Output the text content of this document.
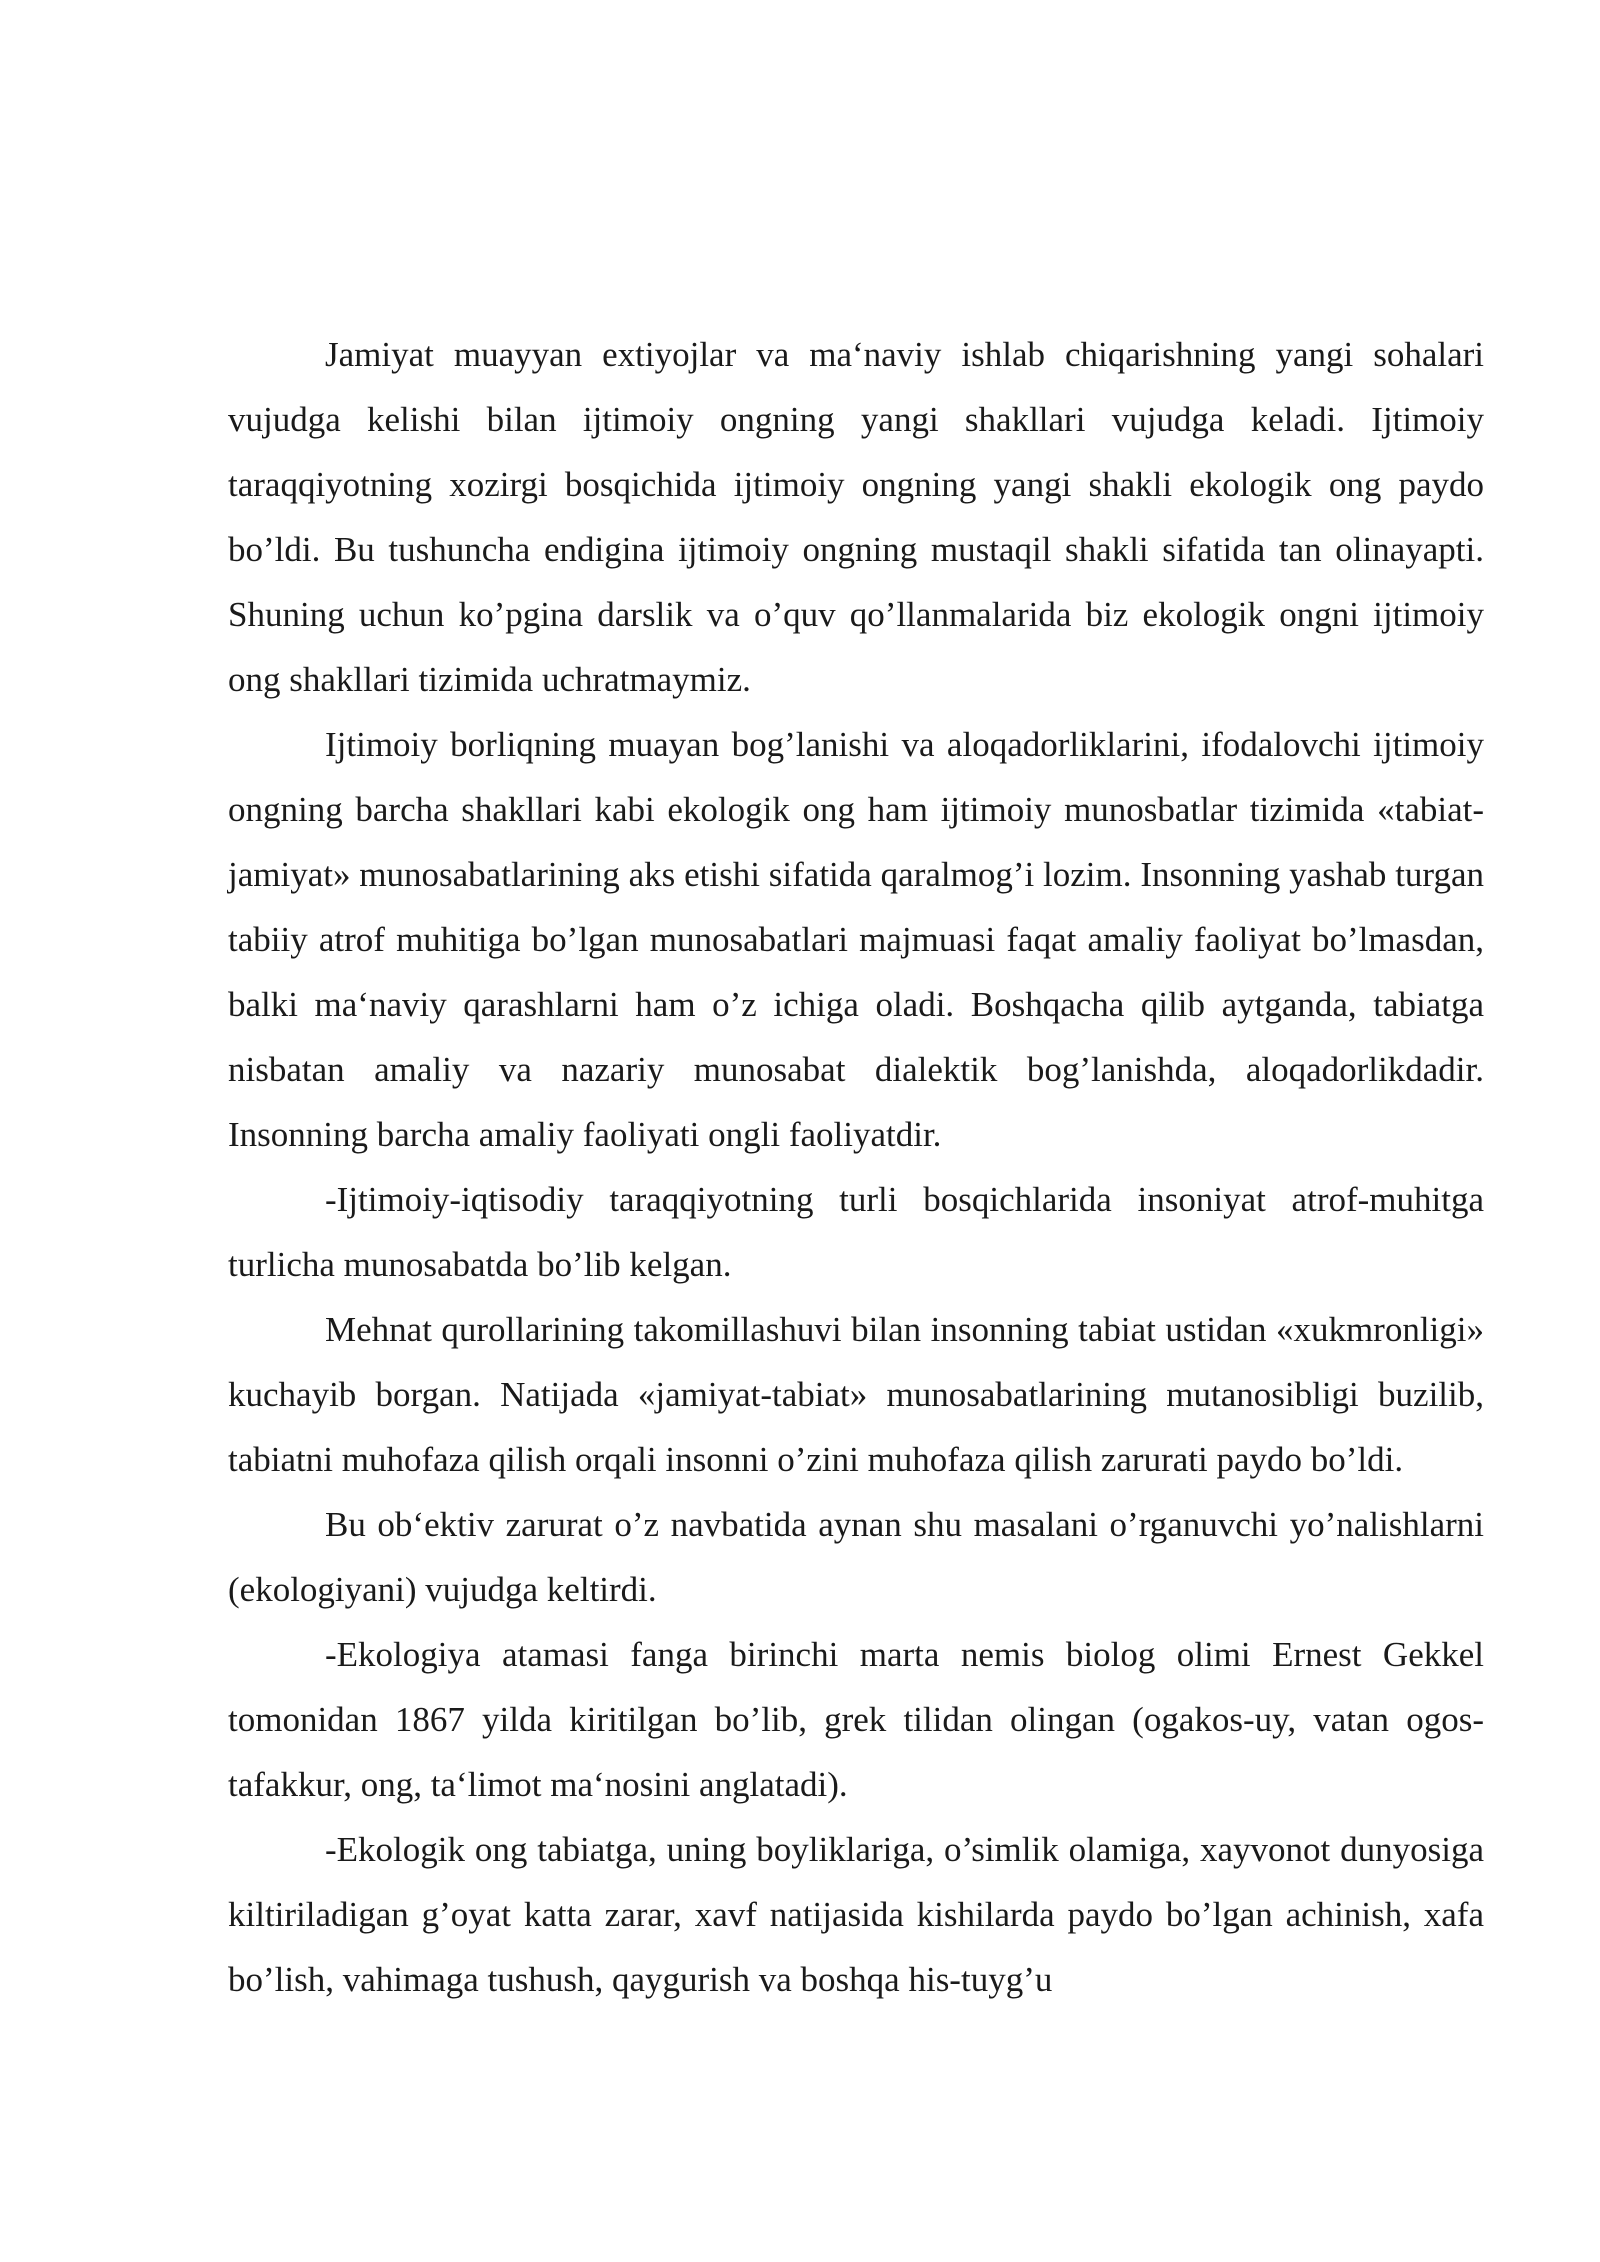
Jamiyat muayyan extiyojlar va ma‘naviy ishlab chiqarishning yangi sohalari vujudga kelishi bilan ijtimoiy ongning yangi shakllari vujudga keladi. Ijtimoiy taraqqiyotning xozirgi bosqichida ijtimoiy ongning yangi shakli ekologik ong paydo bo’ldi. Bu tushuncha endigina ijtimoiy ongning mustaqil shakli sifatida tan olinayapti. Shuning uchun ko’pgina darslik va o’quv qo’llanmalarida biz ekologik ongni ijtimoiy ong shakllari tizimida uchratmaymiz.

Ijtimoiy borliqning muayan bog’lanishi va aloqadorliklarini, ifodalovchi ijtimoiy ongning barcha shakllari kabi ekologik ong ham ijtimoiy munosbatlar tizimida «tabiat-jamiyat» munosabatlarining aks etishi sifatida qaralmog’i lozim. Insonning yashab turgan tabiiy atrof muhitiga bo’lgan munosabatlari majmuasi faqat amaliy faoliyat bo’lmasdan, balki ma‘naviy qarashlarni ham o’z ichiga oladi. Boshqacha qilib aytganda, tabiatga nisbatan amaliy va nazariy munosabat dialektik bog’lanishda, aloqadorlikdadir. Insonning barcha amaliy faoliyati ongli faoliyatdir.

-Ijtimoiy-iqtisodiy taraqqiyotning turli bosqichlarida insoniyat atrof-muhitga turlicha munosabatda bo’lib kelgan.

Mehnat qurollarining takomillashuvi bilan insonning tabiat ustidan «xukmronligi» kuchayib borgan. Natijada «jamiyat-tabiat» munosabatlarining mutanosibligi buzilib, tabiatni muhofaza qilish orqali insonni o’zini muhofaza qilish zarurati paydo bo’ldi.

Bu ob‘ektiv zarurat o’z navbatida aynan shu masalani o’rganuvchi yo’nalishlarni (ekologiyani) vujudga keltirdi.

-Ekologiya atamasi fanga birinchi marta nemis biolog olimi Ernest Gekkel tomonidan 1867 yilda kiritilgan bo’lib, grek tilidan olingan (ogakos-uy, vatan ogos-tafakkur, ong, ta‘limot ma‘nosini anglatadi).

-Ekologik ong tabiatga, uning boyliklariga, o’simlik olamiga, xayvonot dunyosiga kiltiriladigan g’oyat katta zarar, xavf natijasida kishilarda paydo bo’lgan achinish, xafa bo’lish, vahimaga tushush, qaygurish va boshqa his-tuyg’u
